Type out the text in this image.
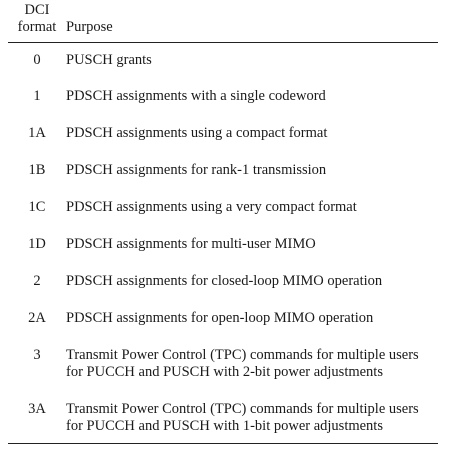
DCI
format	Purpose
0	PUSCH grants
1	PDSCH assignments with a single codeword
1A	PDSCH assignments using a compact format
1B	PDSCH assignments for rank-1 transmission
1C	PDSCH assignments using a very compact format
1D	PDSCH assignments for multi-user MIMO
2	PDSCH assignments for closed-loop MIMO operation
2A	PDSCH assignments for open-loop MIMO operation
3	Transmit Power Control (TPC) commands for multiple users
for PUCCH and PUSCH with 2-bit power adjustments

3A	Transmit Power Control (TPC) commands for multiple users
for PUCCH and PUSCH with 1-bit power adjustments
